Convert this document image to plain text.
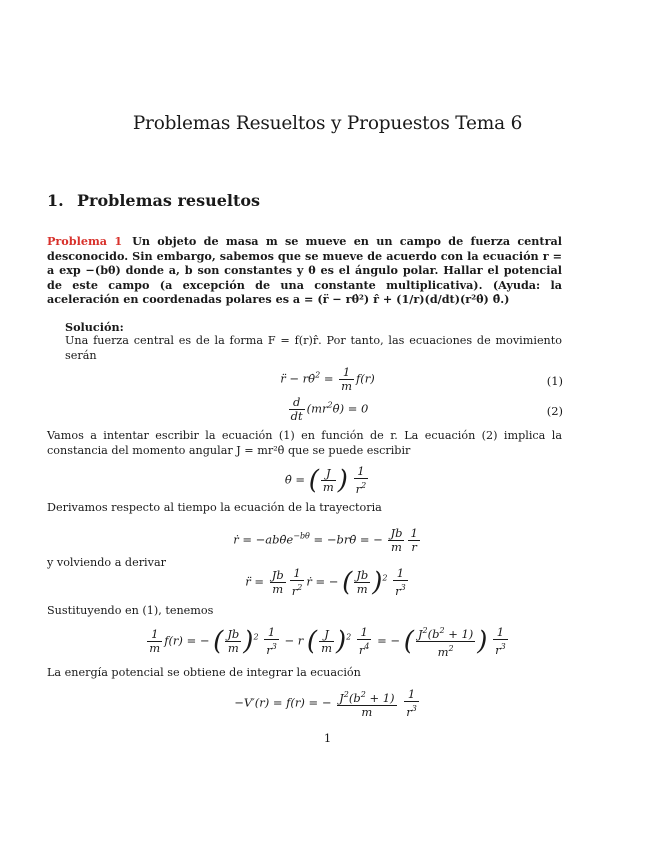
Problemas Resueltos y Propuestos Tema 6
1. Problemas resueltos
Problema 1 Un objeto de masa m se mueve en un campo de fuerza central desconocido. Sin embargo, sabemos que se mueve de acuerdo con la ecuación r = a exp −(bθ) donde a, b son constantes y θ es el ángulo polar. Hallar el potencial de este campo (a excepción de una constante multiplicativa). (Ayuda: la aceleración en coordenadas polares es a = (r̈ − rθ̇²) r̂ + (1/r)(d/dt)(r²θ̇) θ̂.)
Solución:
Una fuerza central es de la forma F = f(r)r̂. Por tanto, las ecuaciones de movimiento serán
r̈ − rθ̇$^2$ = $\frac{1}{m} f(r)$	(1)
$\frac{d}{dt}$ $(mr^2\thetȧ) = 0$	(2)
Vamos a intentar escribir la ecuación (1) en función de r. La ecuación (2) implica la constancia del momento angular J = mr²θ̇ que se puede escribir
θ̇ = ( $\frac{J}{m}$ ) $\frac{1}{r^2}$
Derivamos respecto al tiempo la ecuación de la trayectoria
ṙ = $-ab\thetȧe^{-b\theta}$ = −brθ̇ = − $\frac{Jb}{m} \frac{1}{r}$
y volviendo a derivar
r̈ = $\frac{Jb}{m} \frac{1}{r^2}$ ṙ = − ( $\frac{Jb}{m} )^2 \frac{1}{r^3}$
Sustituyendo en (1), tenemos
$\frac{1}{m} f(r)$ = − ( $\frac{Jb}{m} )^2 \frac{1}{r^3} - r$ ( $\frac{J}{m} )^2 \frac{1}{r^4}$ = − ( $\frac{J^2(b^2 + 1)}{m^2}$ ) $\frac{1}{r^3}$
La energía potencial se obtiene de integrar la ecuación
−V′(r) = f(r) = − $\frac{J^2(b^2 + 1)}{m}$
$\frac{1}{r^3}$
1
